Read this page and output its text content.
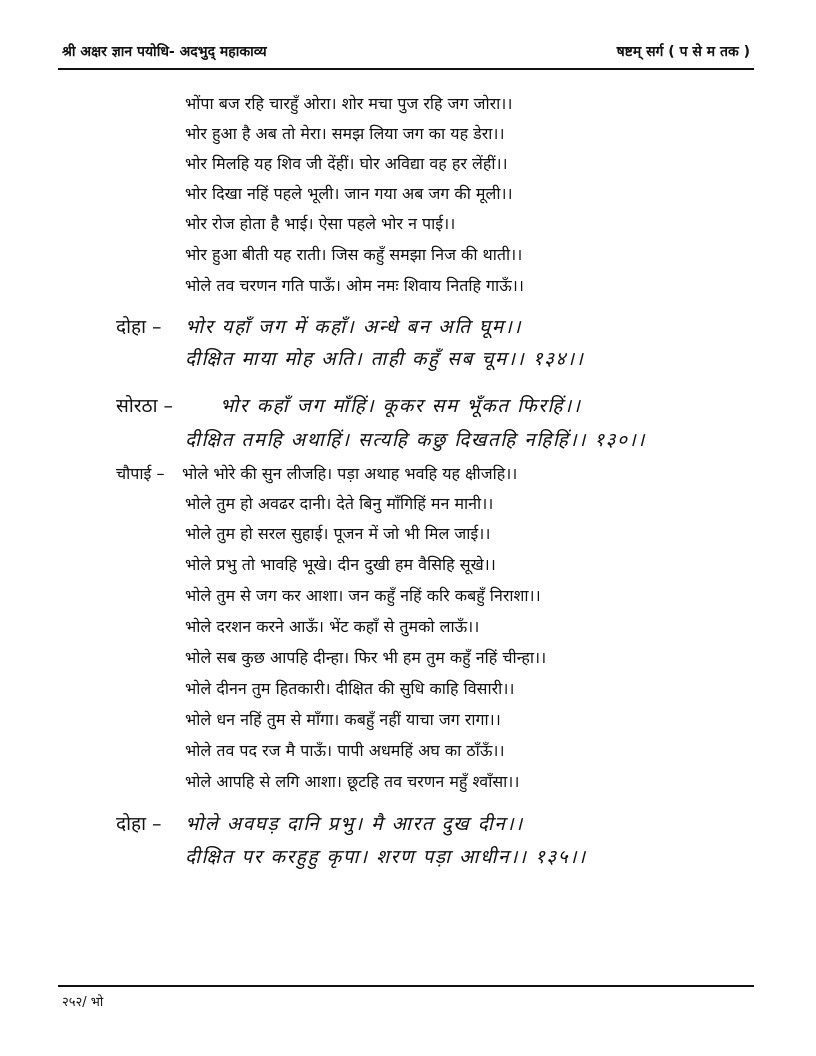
श्री अक्षर ज्ञान पयोधि- अदभुद् महाकाव्य	षष्टम् सर्ग ( प से म तक )
भोंपा बज रहि चारहुँ ओरा। शोर मचा पुज रहि जग जोरा।।
भोर हुआ है अब तो मेरा। समझ लिया जग का यह डेरा।।
भोर मिलहि यह शिव जी देंहीं। घोर अविद्या वह हर लेंहीं।।
भोर दिखा नहिं पहले भूली। जान गया अब जग की मूली।।
भोर रोज होता है भाई। ऐसा पहले भोर न पाई।।
भोर हुआ बीती यह राती। जिस कहुँ समझा निज की थाती।।
भोले तव चरणन गति पाऊँ। ओम नमः शिवाय नितहि गाऊँ।।
दोहा – भोर यहाँ जग में कहाँ। अन्धे बन अति घूम।।
दीक्षित माया मोह अति। ताही कहुँ सब चूम।। १३४।।
सोरठा – भोर कहाँ जग माँहिं। कूकर सम भूँकत फिरहिं।।
दीक्षित तमहि अथाहिं। सत्यहि कछु दिखतहि नहिहिं।। १३०।।
चौपाई – भोले भोरे की सुन लीजहि। पड़ा अथाह भवहि यह क्षीजहि।।
भोले तुम हो अवढर दानी। देते बिनु माँगिहिं मन मानी।।
भोले तुम हो सरल सुहाई। पूजन में जो भी मिल जाई।।
भोले प्रभु तो भावहि भूखे। दीन दुखी हम वैसिहि सूखे।।
भोले तुम से जग कर आशा। जन कहुँ नहिं करि कबहुँ निराशा।।
भोले दरशन करने आऊँ। भेंट कहाँ से तुमको लाऊँ।।
भोले सब कुछ आपहि दीन्हा। फिर भी हम तुम कहुँ नहिं चीन्हा।।
भोले दीनन तुम हितकारी। दीक्षित की सुधि काहि विसारी।।
भोले धन नहिं तुम से माँगा। कबहुँ नहीं याचा जग रागा।।
भोले तव पद रज मै पाऊँ। पापी अधमहिं अघ का ठाँऊँ।।
भोले आपहि से लगि आशा। छूटहि तव चरणन महुँ श्वाँसा।।
दोहा – भोले अवघड़ दानि प्रभु। मै आरत दुख दीन।।
दीक्षित पर करहुहु कृपा। शरण पड़ा आधीन।। १३५।।
२५२/ भो
